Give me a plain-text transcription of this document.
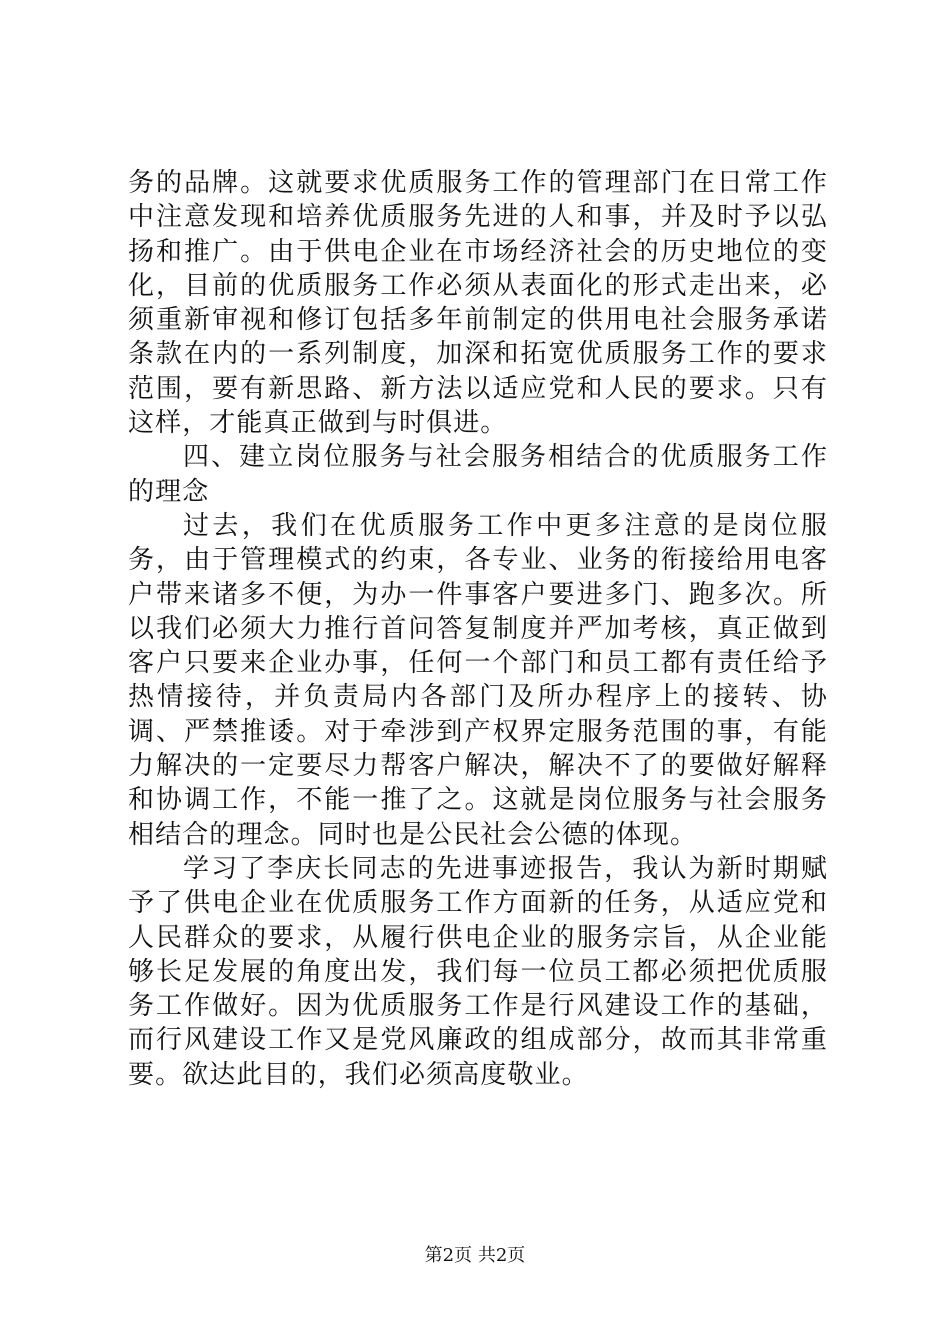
务的品牌。这就要求优质服务工作的管理部门在日常工作中注意发现和培养优质服务先进的人和事，并及时予以弘扬和推广。由于供电企业在市场经济社会的历史地位的变化，目前的优质服务工作必须从表面化的形式走出来，必须重新审视和修订包括多年前制定的供用电社会服务承诺条款在内的一系列制度，加深和拓宽优质服务工作的要求范围，要有新思路、新方法以适应党和人民的要求。只有这样，才能真正做到与时俱进。

四、建立岗位服务与社会服务相结合的优质服务工作的理念

过去，我们在优质服务工作中更多注意的是岗位服务，由于管理模式的约束，各专业、业务的衔接给用电客户带来诸多不便，为办一件事客户要进多门、跑多次。所以我们必须大力推行首问答复制度并严加考核，真正做到客户只要来企业办事，任何一个部门和员工都有责任给予热情接待，并负责局内各部门及所办程序上的接转、协调、严禁推诿。对于牵涉到产权界定服务范围的事，有能力解决的一定要尽力帮客户解决，解决不了的要做好解释和协调工作，不能一推了之。这就是岗位服务与社会服务相结合的理念。同时也是公民社会公德的体现。

学习了李庆长同志的先进事迹报告，我认为新时期赋予了供电企业在优质服务工作方面新的任务，从适应党和人民群众的要求，从履行供电企业的服务宗旨，从企业能够长足发展的角度出发，我们每一位员工都必须把优质服务工作做好。因为优质服务工作是行风建设工作的基础，而行风建设工作又是党风廉政的组成部分，故而其非常重要。欲达此目的，我们必须高度敬业。

第2页 共2页
